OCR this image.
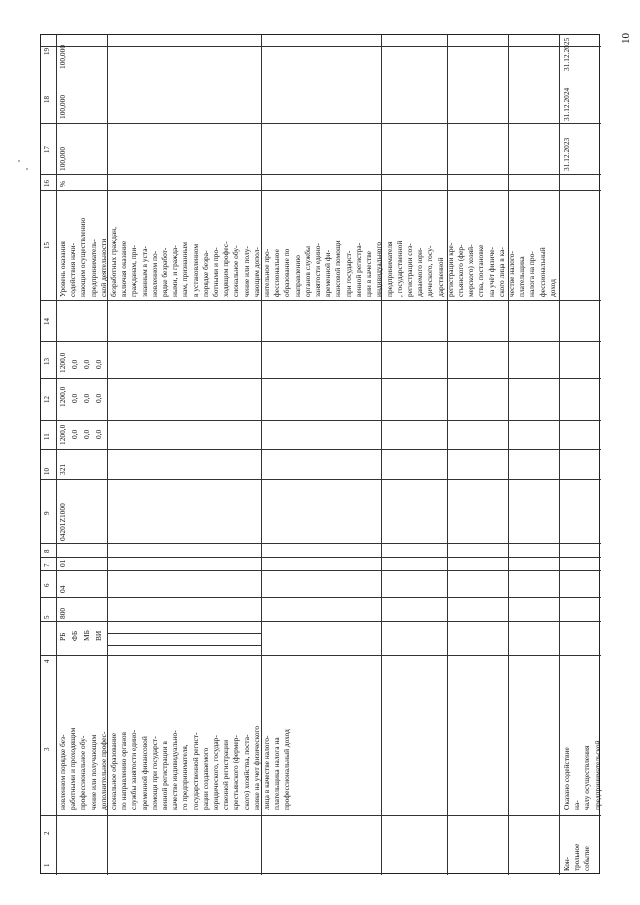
10
1
2
3
4
5
6
7
8
9
10
11
12
13
14
15
16
17
18
19
новленном порядке без-
работными и проходящим
профессиональное обу-
чение или получающим
дополнительное профес-
сиональное образование
по направлению органов
службы занятости едино-
временной финансовой
помощи при государст-
венной регистрации в
качестве индивидуально-
го предпринимателя,
государственной регист-
рации создаваемого
юридического, государ-
ственной регистрации
крестьянского (фермер-
ского) хозяйства, поста-
новке на учет физического
лица в качестве налого-
плательщика налога на
профессиональный доход
РБ ФБ МБ ВИ
800
04
01
04201Z1000
321
1200,0
1200,0
1200,0
0,0
0,0
0,0
0,0
0,0
0,0
0,0
0,0
0,0
Уровень оказания
содействия начи-
нающим осуществлению
предприниматель-
ской деятельности
безработных граждан,
включая оказание
гражданам, при-
знанным в уста-
новленном по-
рядке безработ-
ными, и гражда-
нам, признанным
в установленном
порядке безра-
ботными и про-
ходящим профес-
сиональное обу-
чение или полу-
чающим допол-
нительное про-
фессиональное
образование по
направлению
органов службы
занятости едино-
временной фи-
нансовой помощи
при государст-
венной регистра-
ции в качестве
индивидуального
предпринимателя
, государственной
регистрации соз-
даваемого юри-
дического, госу-
дарственной
регистрации кре-
стьянского (фер-
мерского) хозяй-
ства, постановке
на учёт физиче-
ского лица в ка-
честве налого-
плательщика
налога на про-
фессиональный
доход
%
100,000
100,000
100,000
Кон-
трольное
событие
Оказано содействие на-
чалу осуществления
предпринимательской
31.12.2023
31.12.2024
31.12.2025
